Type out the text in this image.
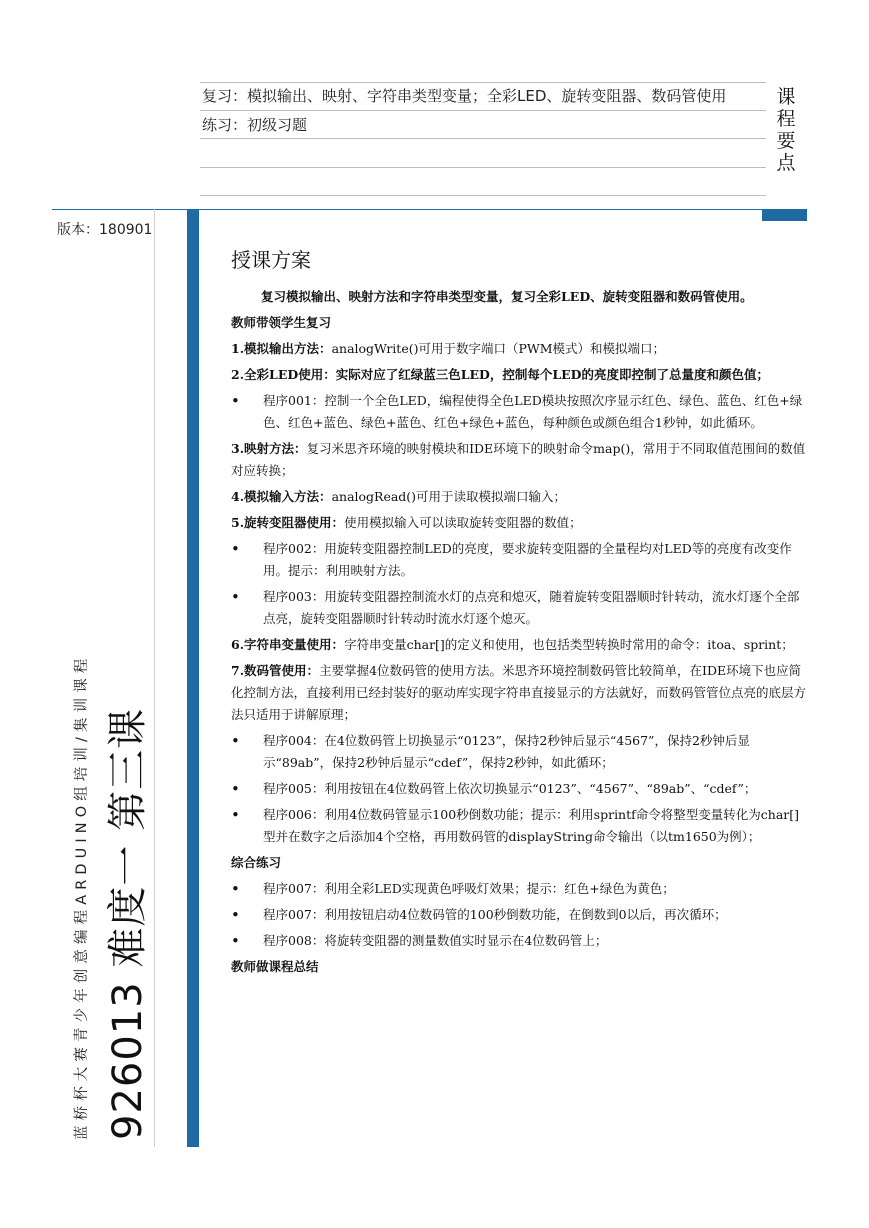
复习：模拟输出、映射、字符串类型变量；全彩LED、旋转变阻器、数码管使用
练习：初级习题
课
程
要
点
版本：180901
蓝桥杯大赛青少年创意编程ARDUINO组培训/集训课程 926013 难度一 第三课
授课方案

复习模拟输出、映射方法和字符串类型变量，复习全彩LED、旋转变阻器和数码管使用。

教师带领学生复习

1.模拟输出方法：analogWrite()可用于数字端口（PWM模式）和模拟端口；

2.全彩LED使用：实际对应了红绿蓝三色LED，控制每个LED的亮度即控制了总量度和颜色值；

• 程序001：控制一个全色LED，编程使得全色LED模块按照次序显示红色、绿色、蓝色、红色+绿色、红色+蓝色、绿色+蓝色、红色+绿色+蓝色，每种颜色或颜色组合1秒钟，如此循环。

3.映射方法：复习米思齐环境的映射模块和IDE环境下的映射命令map()，常用于不同取值范围间的数值对应转换；

4.模拟输入方法：analogRead()可用于读取模拟端口输入；

5.旋转变阻器使用：使用模拟输入可以读取旋转变阻器的数值；

• 程序002：用旋转变阻器控制LED的亮度，要求旋转变阻器的全量程均对LED等的亮度有改变作用。提示：利用映射方法。
• 程序003：用旋转变阻器控制流水灯的点亮和熄灭，随着旋转变阻器顺时针转动，流水灯逐个全部点亮，旋转变阻器顺时针转动时流水灯逐个熄灭。

6.字符串变量使用：字符串变量char[]的定义和使用，也包括类型转换时常用的命令：itoa、sprint；

7.数码管使用：主要掌握4位数码管的使用方法。米思齐环境控制数码管比较简单，在IDE环境下也应简化控制方法，直接利用已经封装好的驱动库实现字符串直接显示的方法就好，而数码管管位点亮的底层方法只适用于讲解原理；

• 程序004：在4位数码管上切换显示“0123”，保持2秒钟后显示“4567”，保持2秒钟后显示“89ab”，保持2秒钟后显示“cdef”，保持2秒钟，如此循环；
• 程序005：利用按钮在4位数码管上依次切换显示“0123”、“4567”、“89ab”、“cdef”；
• 程序006：利用4位数码管显示100秒倒数功能；提示：利用sprintf命令将整型变量转化为char[]型并在数字之后添加4个空格，再用数码管的displayString命令输出（以tm1650为例）；

综合练习

• 程序007：利用全彩LED实现黄色呼吸灯效果；提示：红色+绿色为黄色；
• 程序007：利用按钮启动4位数码管的100秒倒数功能，在倒数到0以后，再次循环；
• 程序008：将旋转变阻器的测量数值实时显示在4位数码管上；

教师做课程总结
